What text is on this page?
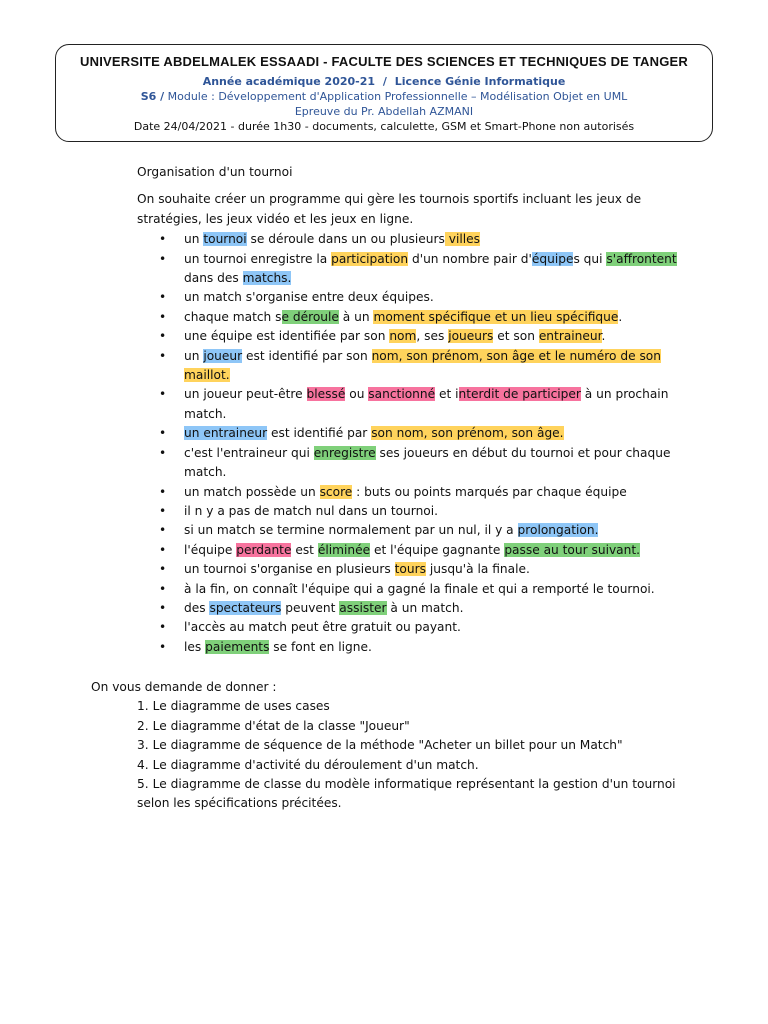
UNIVERSITE ABDELMALEK ESSAADI - FACULTE DES SCIENCES ET TECHNIQUES DE TANGER
Année académique 2020-21 / Licence Génie Informatique
S6 / Module : Développement d'Application Professionnelle – Modélisation Objet en UML
Epreuve du Pr. Abdellah AZMANI
Date 24/04/2021 - durée 1h30 - documents, calculette, GSM et Smart-Phone non autorisés
Organisation d'un tournoi
On souhaite créer un programme qui gère les tournois sportifs incluant les jeux de stratégies, les jeux vidéo et les jeux en ligne.
• un tournoi se déroule dans un ou plusieurs villes
• un tournoi enregistre la participation d'un nombre pair d'équipes qui s'affrontent dans des matchs.
• un match s'organise entre deux équipes.
• chaque match se déroule à un moment spécifique et un lieu spécifique.
• une équipe est identifiée par son nom, ses joueurs et son entraineur.
• un joueur est identifié par son nom, son prénom, son âge et le numéro de son maillot.
• un joueur peut-être blessé ou sanctionné et interdit de participer à un prochain match.
• un entraineur est identifié par son nom, son prénom, son âge.
• c'est l'entraineur qui enregistre ses joueurs en début du tournoi et pour chaque match.
• un match possède un score : buts ou points marqués par chaque équipe
• il n y a pas de match nul dans un tournoi.
• si un match se termine normalement par un nul, il y a prolongation.
• l'équipe perdante est éliminée et l'équipe gagnante passe au tour suivant.
• un tournoi s'organise en plusieurs tours jusqu'à la finale.
• à la fin, on connaît l'équipe qui a gagné la finale et qui a remporté le tournoi.
• des spectateurs peuvent assister à un match.
• l'accès au match peut être gratuit ou payant.
• les paiements se font en ligne.
On vous demande de donner :
1. Le diagramme de uses cases
2. Le diagramme d'état de la classe "Joueur"
3. Le diagramme de séquence de la méthode "Acheter un billet pour un Match"
4. Le diagramme d'activité du déroulement d'un match.
5. Le diagramme de classe du modèle informatique représentant la gestion d'un tournoi
selon les spécifications précitées.
